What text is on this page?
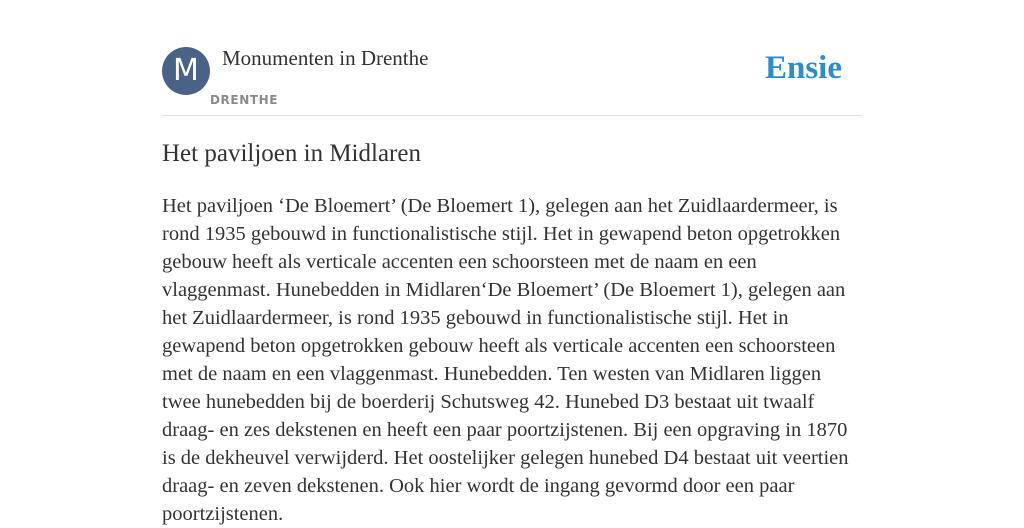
M	Monumenten in Drenthe
DRENTHE
Ensie
Het paviljoen in Midlaren

Het paviljoen ‘De Bloemert’ (De Bloemert 1), gelegen aan het Zuidlaardermeer, is rond 1935 gebouwd in functionalistische stijl. Het in gewapend beton opgetrokken gebouw heeft als verticale accenten een schoorsteen met de naam en een vlaggenmast. Hunebedden in Midlaren‘De Bloemert’ (De Bloemert 1), gelegen aan het Zuidlaardermeer, is rond 1935 gebouwd in functionalistische stijl. Het in gewapend beton opgetrokken gebouw heeft als verticale accenten een schoorsteen met de naam en een vlaggenmast. Hunebedden. Ten westen van Midlaren liggen twee hunebedden bij de boerderij Schutsweg 42. Hunebed D3 bestaat uit twaalf draag- en zes dekstenen en heeft een paar poortzijstenen. Bij een opgraving in 1870 is de dekheuvel verwijderd. Het oostelijker gelegen hunebed D4 bestaat uit veertien draag- en zeven dekstenen. Ook hier wordt de ingang gevormd door een paar poortzijstenen.
